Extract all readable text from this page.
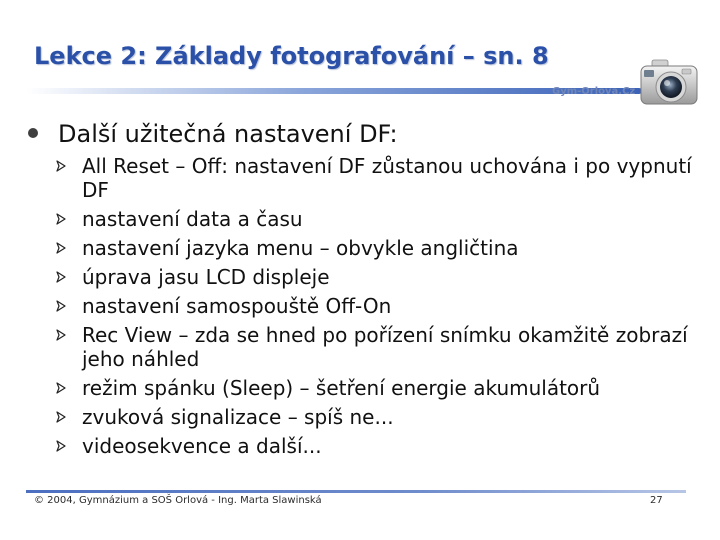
Lekce 2: Základy fotografování – sn. 8
Gym-Orlova.Cz
Další užitečná nastavení DF:
All Reset – Off: nastavení DF zůstanou uchována i po vypnutí DF
nastavení data a času
nastavení jazyka menu – obvykle angličtina
úprava jasu LCD displeje
nastavení samospouště Off-On
Rec View – zda se hned po pořízení snímku okamžitě zobrazí jeho náhled
režim spánku (Sleep) – šetření energie akumulátorů
zvuková signalizace – spíš ne...
videosekvence a další...
© 2004, Gymnázium a SOŠ Orlová - Ing. Marta Slawinská	27
